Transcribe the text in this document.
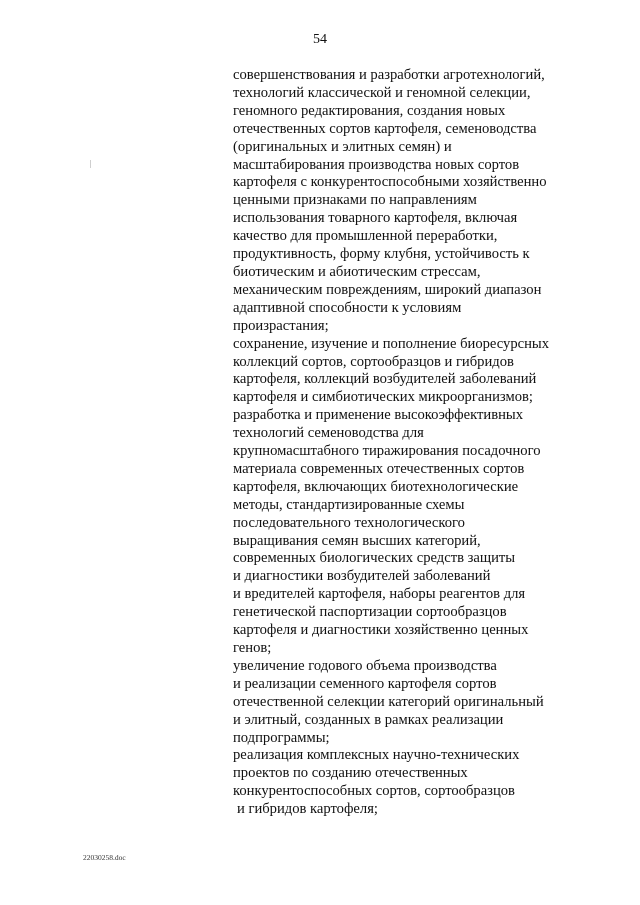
54
совершенствования и разработки агротехнологий,
технологий классической и геномной селекции,
геномного редактирования, создания новых
отечественных сортов картофеля, семеноводства
(оригинальных и элитных семян) и
масштабирования производства новых сортов
картофеля с конкурентоспособными хозяйственно
ценными признаками по направлениям
использования товарного картофеля, включая
качество для промышленной переработки,
продуктивность, форму клубня, устойчивость к
биотическим и абиотическим стрессам,
механическим повреждениям, широкий диапазон
адаптивной способности к условиям
произрастания;
сохранение, изучение и пополнение биоресурсных
коллекций сортов, сортообразцов и гибридов
картофеля, коллекций возбудителей заболеваний
картофеля и симбиотических микроорганизмов;
разработка и применение высокоэффективных
технологий семеноводства для
крупномасштабного тиражирования посадочного
материала современных отечественных сортов
картофеля, включающих биотехнологические
методы, стандартизированные схемы
последовательного технологического
выращивания семян высших категорий,
современных биологических средств защиты
и диагностики возбудителей заболеваний
и вредителей картофеля, наборы реагентов для
генетической паспортизации сортообразцов
картофеля и диагностики хозяйственно ценных
генов;
увеличение годового объема производства
и реализации семенного картофеля сортов
отечественной селекции категорий оригинальный
и элитный, созданных в рамках реализации
подпрограммы;
реализация комплексных научно-технических
проектов по созданию отечественных
конкурентоспособных сортов, сортообразцов
и гибридов картофеля;
22030258.doc
